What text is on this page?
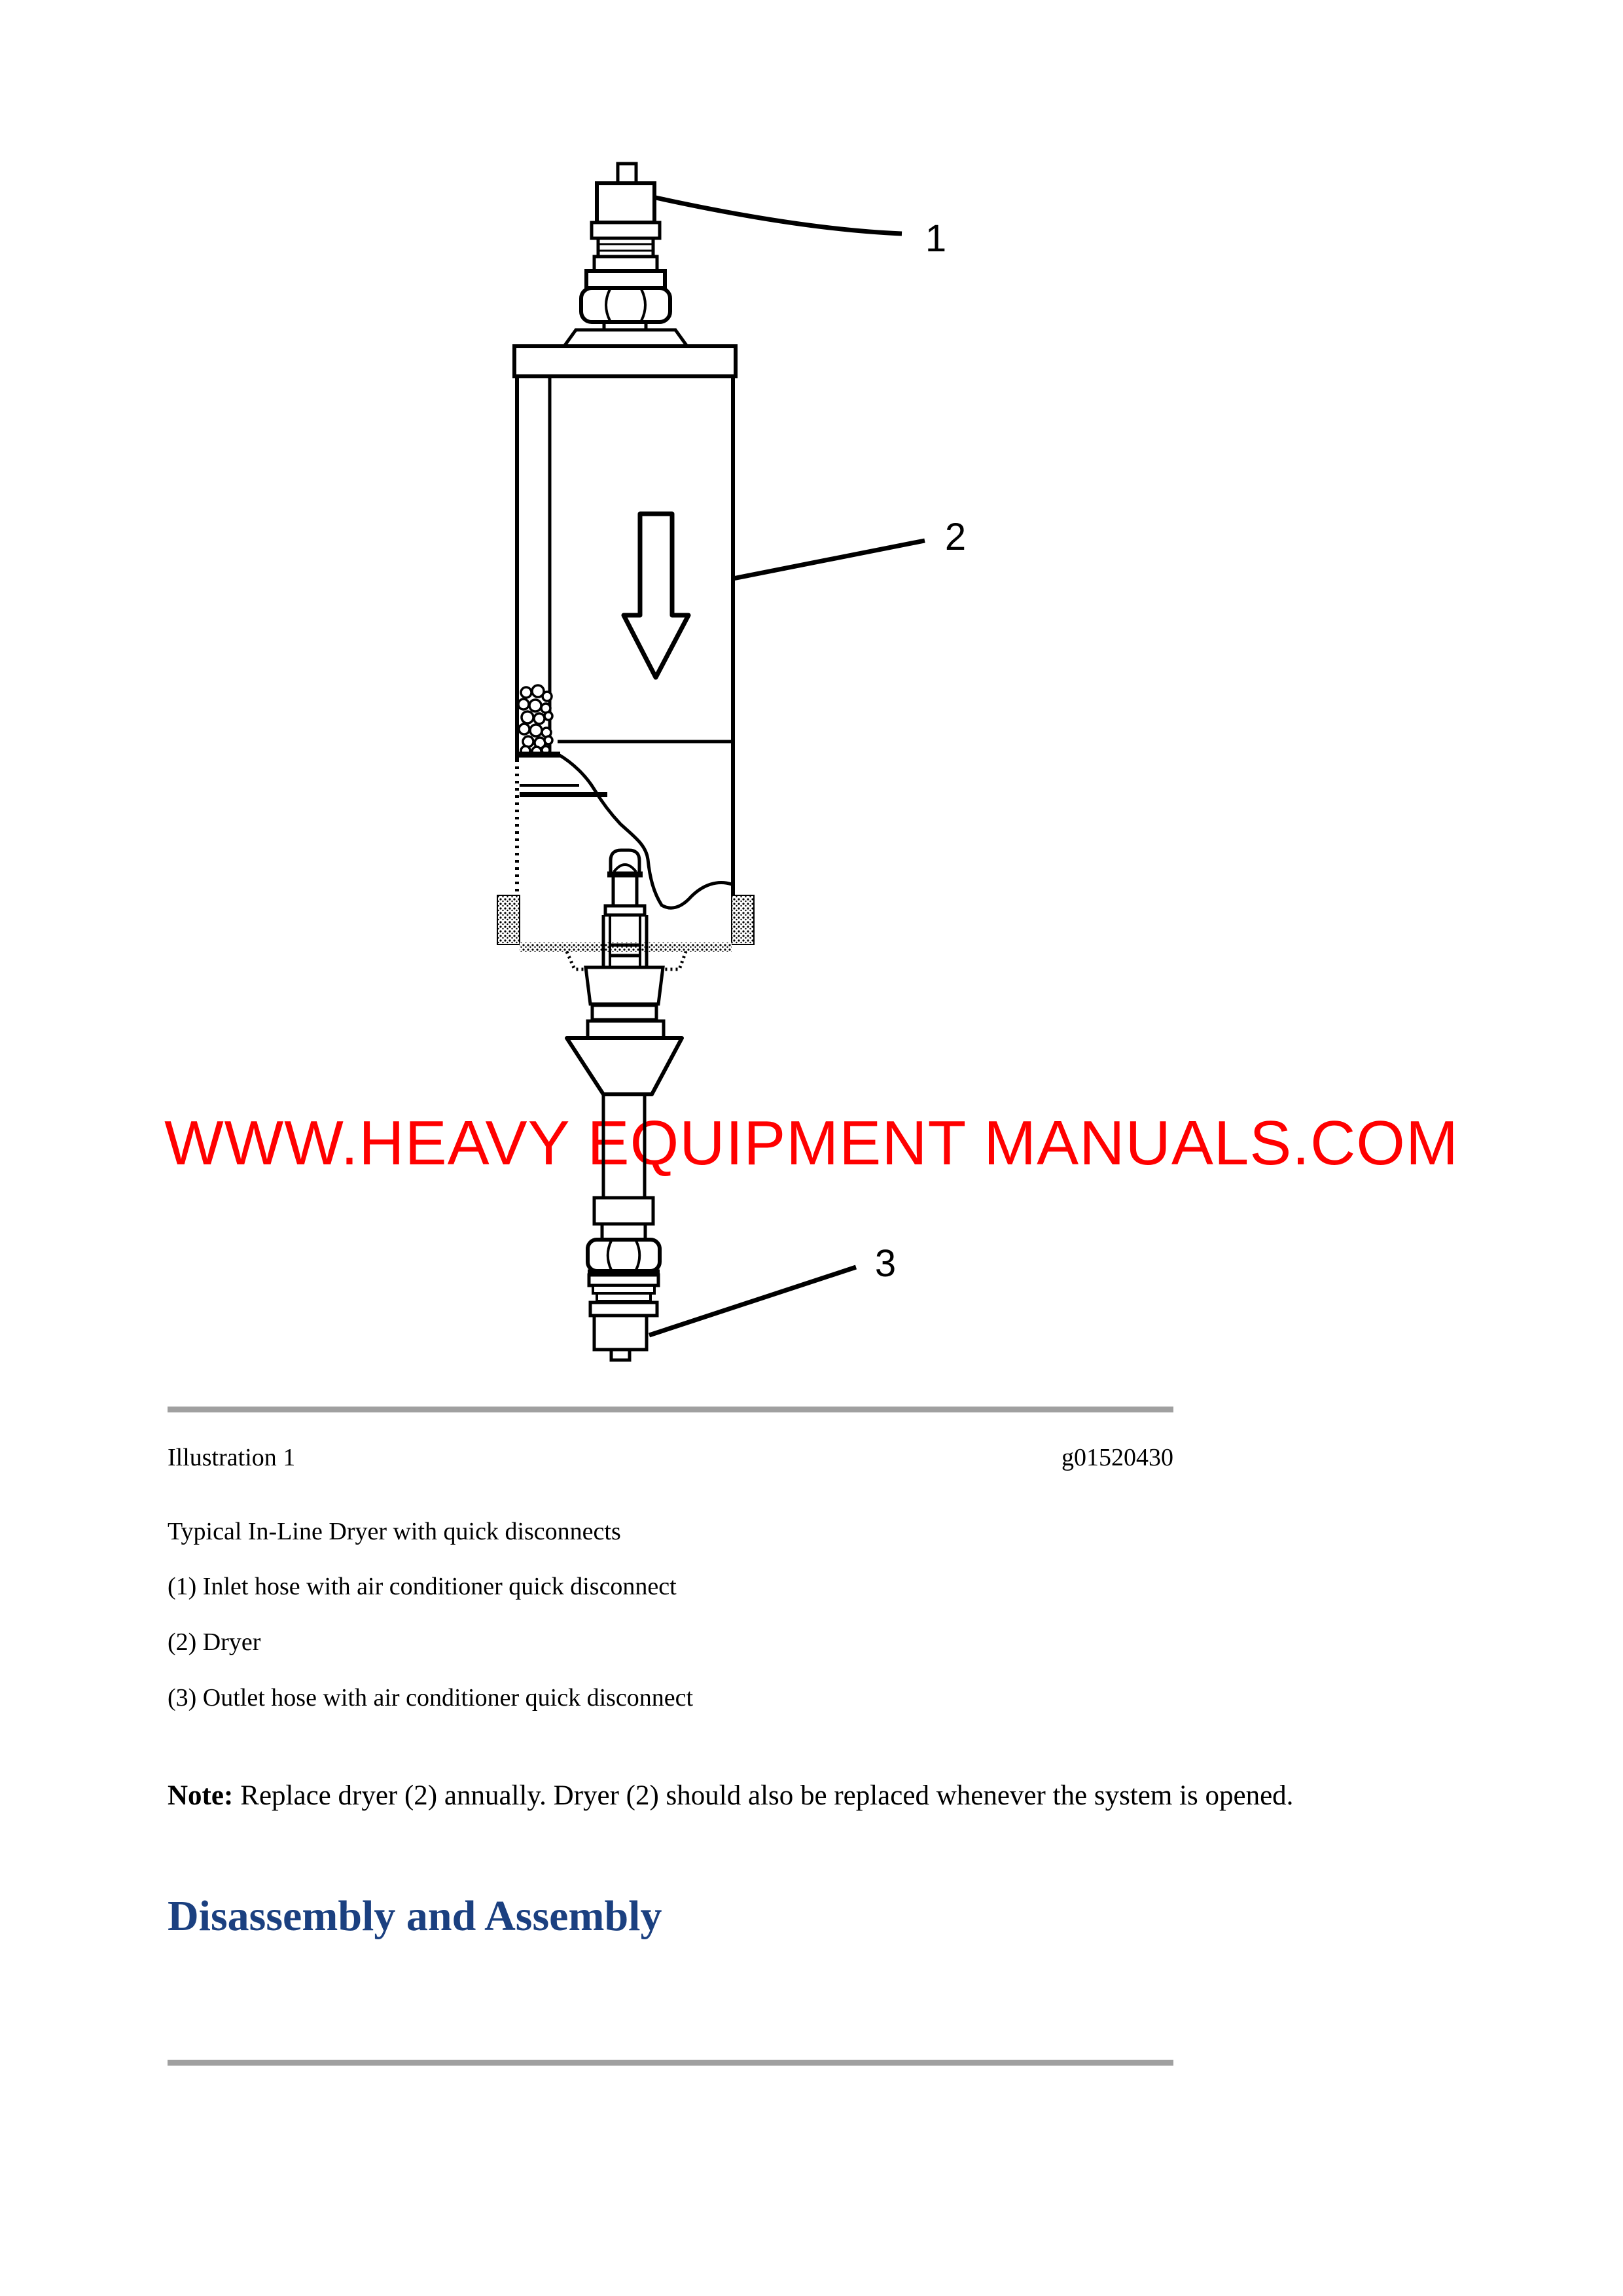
WWW.HEAVY EQUIPMENT MANUALS.COM
1
2
3
Illustration 1	g01520430
Typical In-Line Dryer with quick disconnects
(1) Inlet hose with air conditioner quick disconnect
(2) Dryer
(3) Outlet hose with air conditioner quick disconnect
Note: Replace dryer (2) annually. Dryer (2) should also be replaced whenever the system is opened.
Disassembly and Assembly
